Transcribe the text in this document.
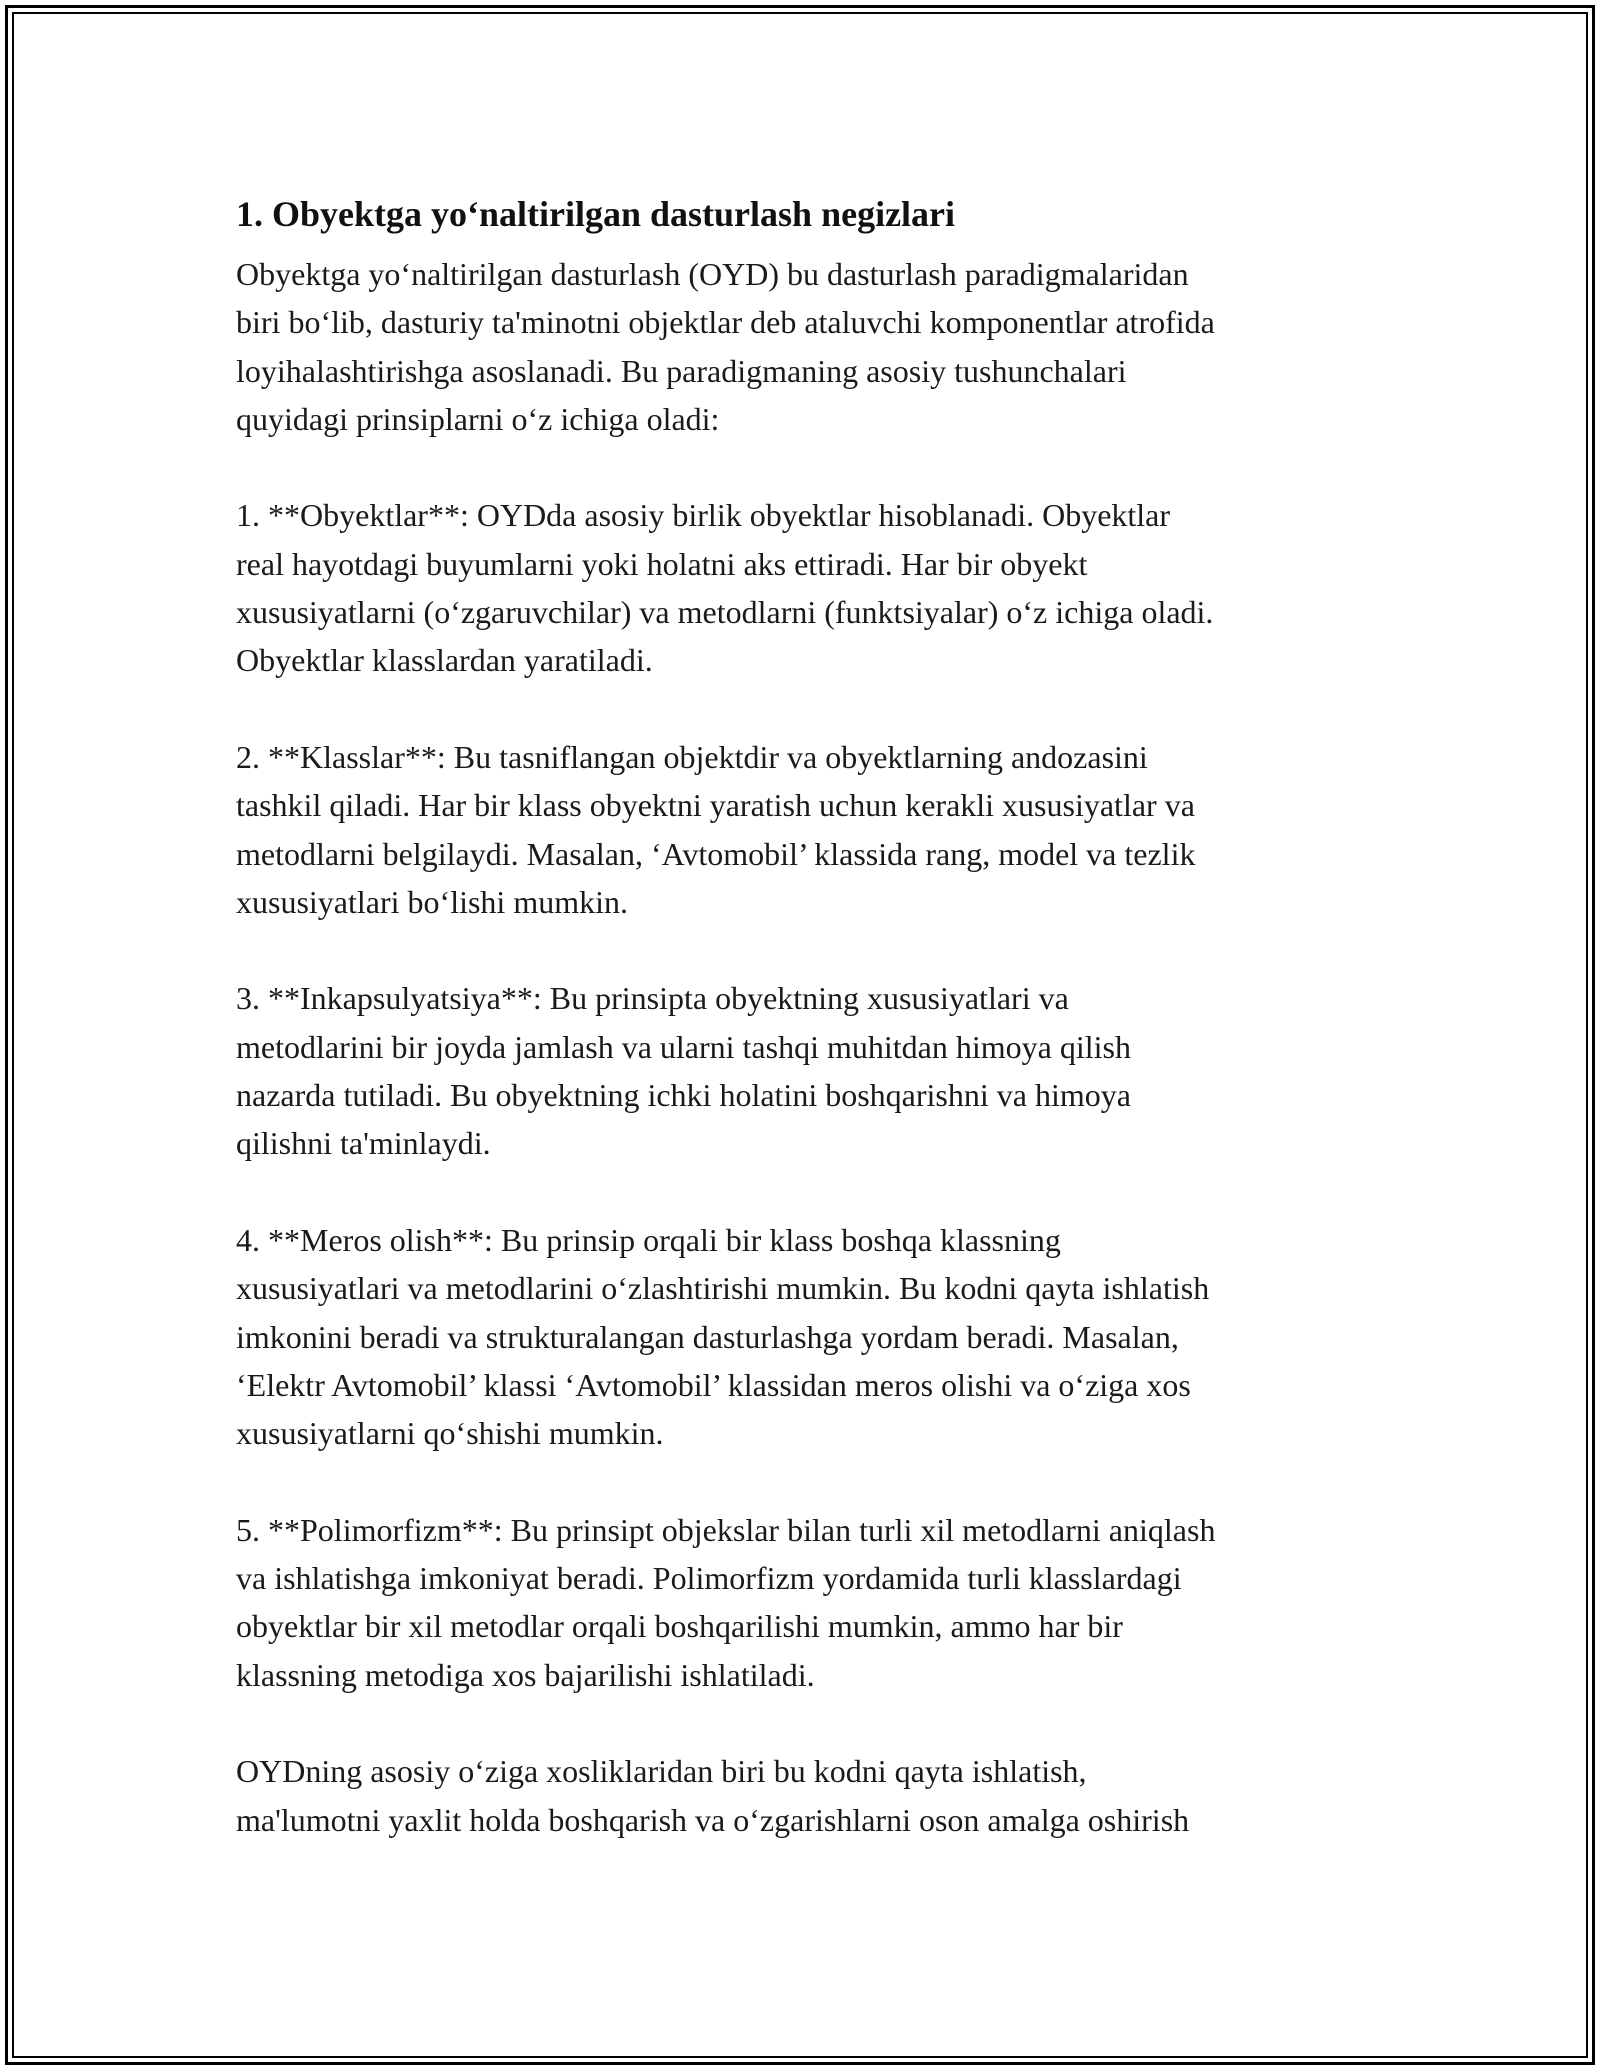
1. Obyektga yo‘naltirilgan dasturlash negizlari

Obyektga yo‘naltirilgan dasturlash (OYD) bu dasturlash paradigmalaridan
biri bo‘lib, dasturiy ta'minotni objektlar deb ataluvchi komponentlar atrofida
loyihalashtirishga asoslanadi. Bu paradigmaning asosiy tushunchalari
quyidagi prinsiplarni o‘z ichiga oladi:

1. **Obyektlar**: OYDda asosiy birlik obyektlar hisoblanadi. Obyektlar
real hayotdagi buyumlarni yoki holatni aks ettiradi. Har bir obyekt
xususiyatlarni (o‘zgaruvchilar) va metodlarni (funktsiyalar) o‘z ichiga oladi.
Obyektlar klasslardan yaratiladi.

2. **Klasslar**: Bu tasniflangan objektdir va obyektlarning andozasini
tashkil qiladi. Har bir klass obyektni yaratish uchun kerakli xususiyatlar va
metodlarni belgilaydi. Masalan, ‘Avtomobil’ klassida rang, model va tezlik
xususiyatlari bo‘lishi mumkin.

3. **Inkapsulyatsiya**: Bu prinsipta obyektning xususiyatlari va
metodlarini bir joyda jamlash va ularni tashqi muhitdan himoya qilish
nazarda tutiladi. Bu obyektning ichki holatini boshqarishni va himoya
qilishni ta'minlaydi.

4. **Meros olish**: Bu prinsip orqali bir klass boshqa klassning
xususiyatlari va metodlarini o‘zlashtirishi mumkin. Bu kodni qayta ishlatish
imkonini beradi va strukturalangan dasturlashga yordam beradi. Masalan,
‘Elektr Avtomobil’ klassi ‘Avtomobil’ klassidan meros olishi va o‘ziga xos
xususiyatlarni qo‘shishi mumkin.

5. **Polimorfizm**: Bu prinsipt objekslar bilan turli xil metodlarni aniqlash
va ishlatishga imkoniyat beradi. Polimorfizm yordamida turli klasslardagi
obyektlar bir xil metodlar orqali boshqarilishi mumkin, ammo har bir
klassning metodiga xos bajarilishi ishlatiladi.

OYDning asosiy o‘ziga xosliklaridan biri bu kodni qayta ishlatish,
ma'lumotni yaxlit holda boshqarish va o‘zgarishlarni oson amalga oshirish
